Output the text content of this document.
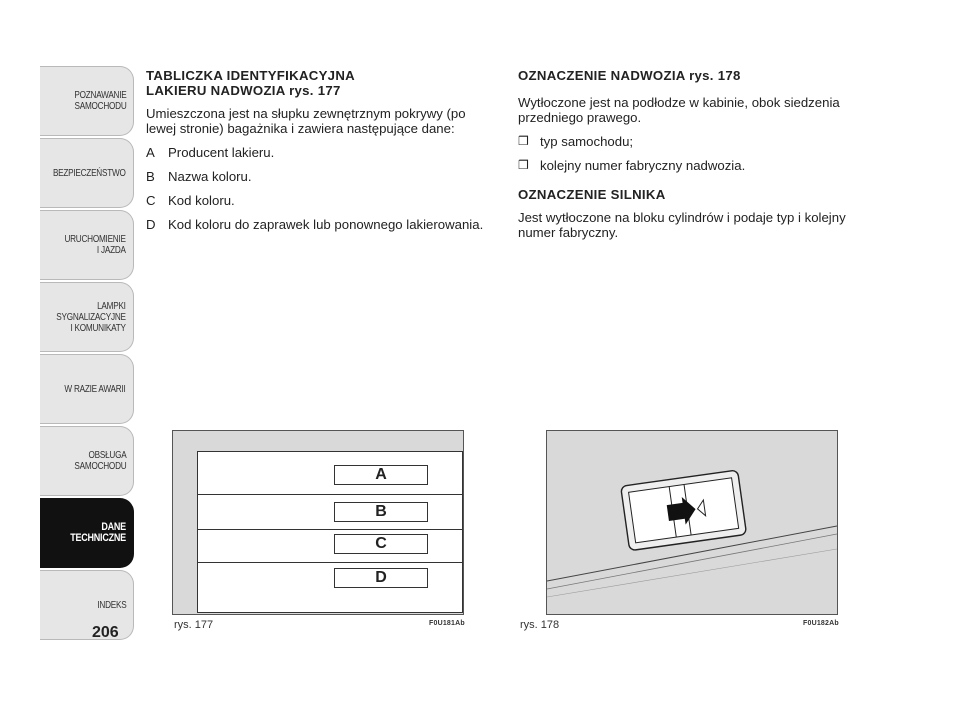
POZNAWANIE
SAMOCHODU
BEZPIECZEŃSTWO
URUCHOMIENIE
I JAZDA
LAMPKI
SYGNALIZACYJNE
I KOMUNIKATY
W RAZIE AWARII
OBSŁUGA
SAMOCHODU
DANE
TECHNICZNE
INDEKS
206
TABLICZKA IDENTYFIKACYJNA
LAKIERU NADWOZIA rys. 177

Umieszczona jest na słupku zewnętrznym pokrywy (po lewej stronie) bagażnika i zawiera następujące dane:

A	Producent lakieru.
B	Nazwa koloru.
C Kod koloru.
D Kod koloru do zaprawek lub ponownego lakierowania.
OZNACZENIE NADWOZIA rys. 178

Wytłoczone jest na podłodze w kabinie, obok siedzenia przedniego prawego.

❒ typ samochodu;
❒ kolejny numer fabryczny nadwozia.
OZNACZENIE SILNIKA

Jest wytłoczone na bloku cylindrów i podaje typ i kolejny numer fabryczny.

A
B
C
D
rys. 177	F0U181Ab	rys. 178	F0U182Ab
